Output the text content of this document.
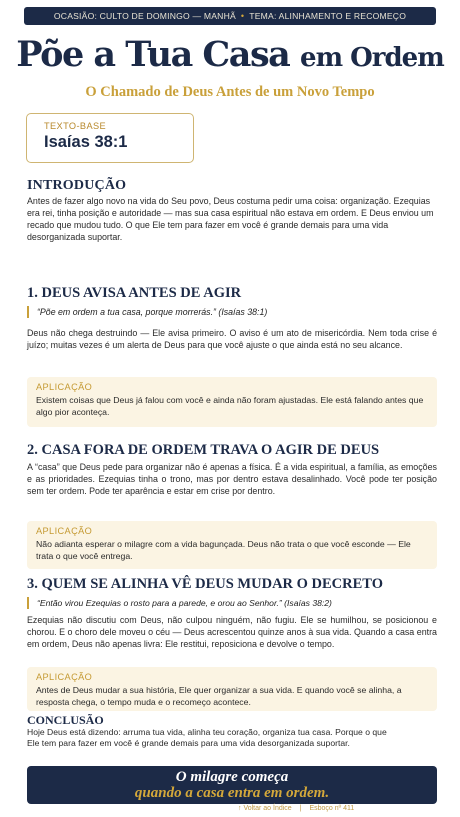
OCASIÃO: CULTO DE DOMINGO — MANHÃ • TEMA: ALINHAMENTO E RECOMEÇO
Põe a Tua Casa em Ordem
O Chamado de Deus Antes de um Novo Tempo
TEXTO-BASE
Isaías 38:1
INTRODUÇÃO
Antes de fazer algo novo na vida do Seu povo, Deus costuma pedir uma coisa: organização. Ezequias era rei, tinha posição e autoridade — mas sua casa espiritual não estava em ordem. E Deus enviou um recado que mudou tudo. O que Ele tem para fazer em você é grande demais para uma vida desorganizada suportar.
1. DEUS AVISA ANTES DE AGIR
“Põe em ordem a tua casa, porque morrerás.” (Isaías 38:1)
Deus não chega destruindo — Ele avisa primeiro. O aviso é um ato de misericórdia. Nem toda crise é juízo; muitas vezes é um alerta de Deus para que você ajuste o que ainda está no seu alcance.
APLICAÇÃO
Existem coisas que Deus já falou com você e ainda não foram ajustadas. Ele está falando antes que algo pior aconteça.
2. CASA FORA DE ORDEM TRAVA O AGIR DE DEUS
A “casa” que Deus pede para organizar não é apenas a física. É a vida espiritual, a família, as emoções e as prioridades. Ezequias tinha o trono, mas por dentro estava desalinhado. Você pode ter posição sem ter ordem. Pode ter aparência e estar em crise por dentro.
APLICAÇÃO
Não adianta esperar o milagre com a vida bagunçada. Deus não trata o que você esconde — Ele trata o que você entrega.
3. QUEM SE ALINHA VÊ DEUS MUDAR O DECRETO
“Então virou Ezequias o rosto para a parede, e orou ao Senhor.” (Isaías 38:2)
Ezequias não discutiu com Deus, não culpou ninguém, não fugiu. Ele se humilhou, se posicionou e chorou. E o choro dele moveu o céu — Deus acrescentou quinze anos à sua vida. Quando a casa entra em ordem, Deus não apenas livra: Ele restitui, reposiciona e devolve o tempo.
APLICAÇÃO
Antes de Deus mudar a sua história, Ele quer organizar a sua vida. E quando você se alinha, a resposta chega, o tempo muda e o recomeço acontece.
CONCLUSÃO
Hoje Deus está dizendo: arruma tua vida, alinha teu coração, organiza tua casa. Porque o que Ele tem para fazer em você é grande demais para uma vida desorganizada suportar.
O milagre começa
quando a casa entra em ordem.
↑ Voltar ao Índice | Esboço nº 411
